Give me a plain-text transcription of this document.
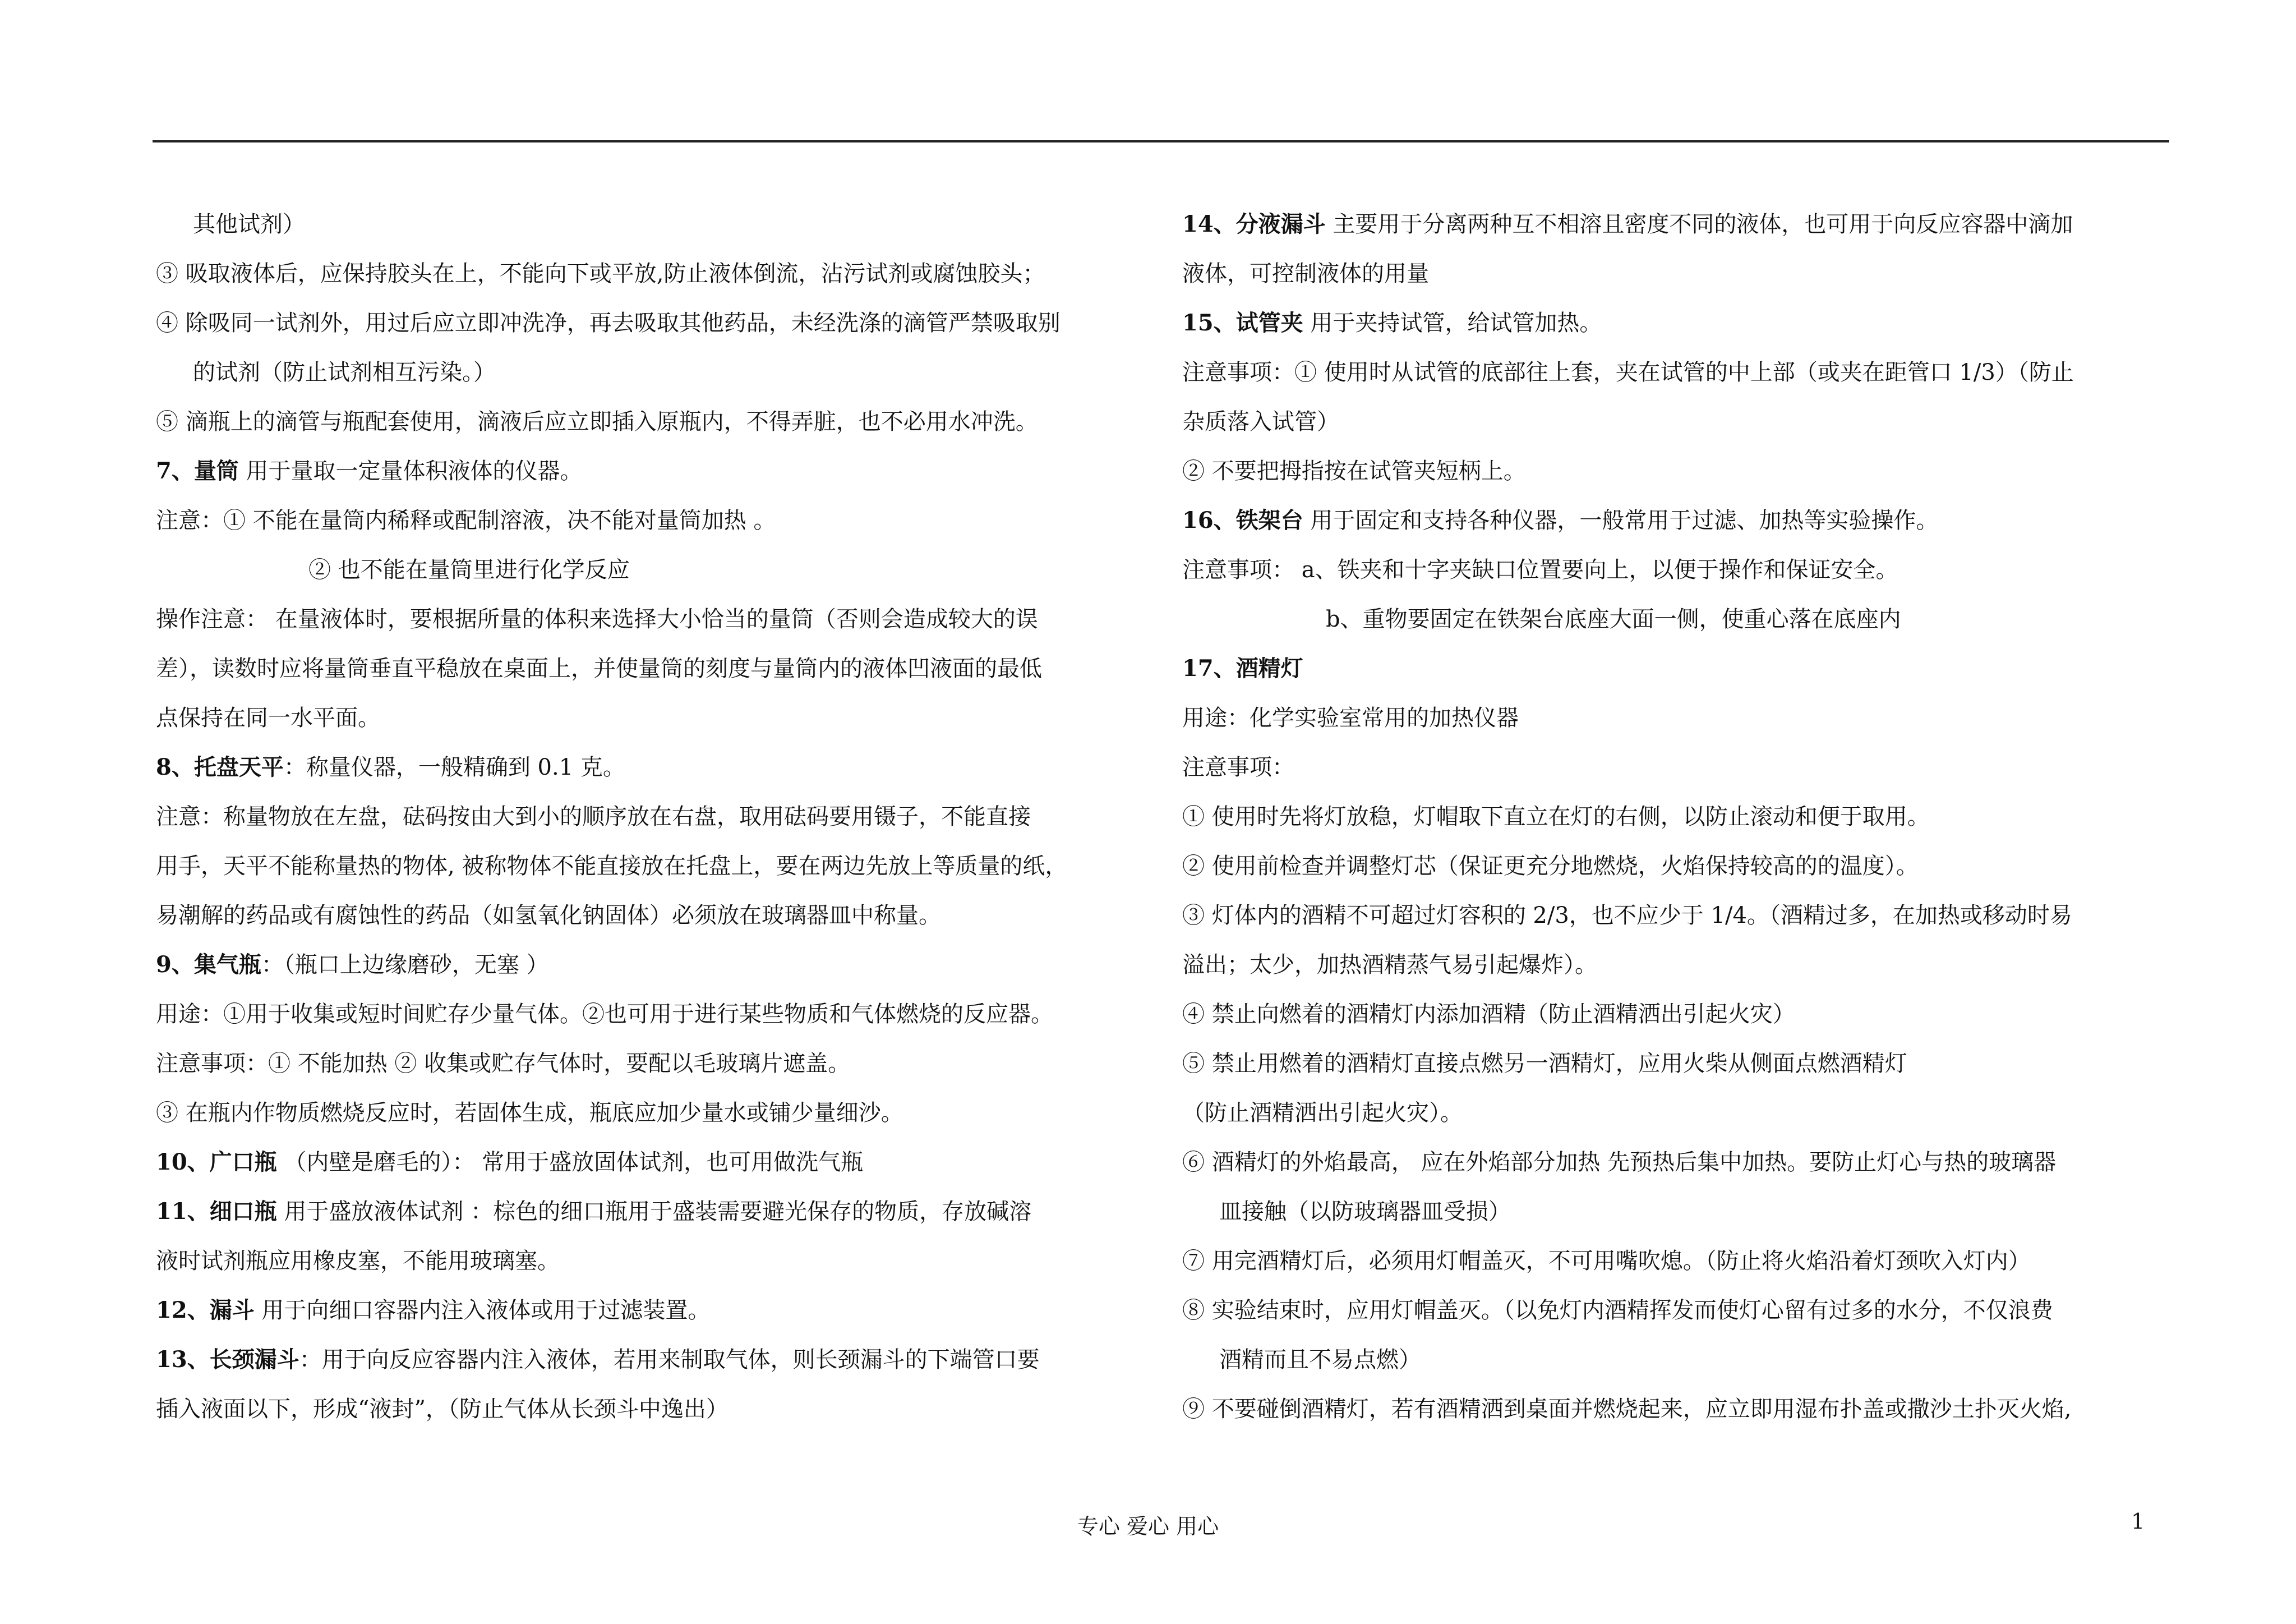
其他试剂）
③ 吸取液体后，应保持胶头在上，不能向下或平放,防止液体倒流，沾污试剂或腐蚀胶头；
④ 除吸同一试剂外，用过后应立即冲洗净，再去吸取其他药品，未经洗涤的滴管严禁吸取别
的试剂（防止试剂相互污染。）
⑤ 滴瓶上的滴管与瓶配套使用，滴液后应立即插入原瓶内，不得弄脏，也不必用水冲洗。
7、量筒 用于量取一定量体积液体的仪器。
注意：① 不能在量筒内稀释或配制溶液，决不能对量筒加热 。
② 也不能在量筒里进行化学反应
操作注意： 在量液体时，要根据所量的体积来选择大小恰当的量筒（否则会造成较大的误
差），读数时应将量筒垂直平稳放在桌面上，并使量筒的刻度与量筒内的液体凹液面的最低
点保持在同一水平面。
8、托盘天平：称量仪器，一般精确到 0.1 克。
注意：称量物放在左盘，砝码按由大到小的顺序放在右盘，取用砝码要用镊子，不能直接
用手，天平不能称量热的物体, 被称物体不能直接放在托盘上，要在两边先放上等质量的纸，
易潮解的药品或有腐蚀性的药品（如氢氧化钠固体）必须放在玻璃器皿中称量。
9、集气瓶：（瓶口上边缘磨砂，无塞 ）
用途：①用于收集或短时间贮存少量气体。②也可用于进行某些物质和气体燃烧的反应器。
注意事项：① 不能加热 ② 收集或贮存气体时，要配以毛玻璃片遮盖。
③ 在瓶内作物质燃烧反应时，若固体生成，瓶底应加少量水或铺少量细沙。
10、广口瓶 （内壁是磨毛的）： 常用于盛放固体试剂，也可用做洗气瓶
11、细口瓶 用于盛放液体试剂 ：棕色的细口瓶用于盛装需要避光保存的物质，存放碱溶
液时试剂瓶应用橡皮塞，不能用玻璃塞。
12、漏斗 用于向细口容器内注入液体或用于过滤装置。
13、长颈漏斗：用于向反应容器内注入液体，若用来制取气体，则长颈漏斗的下端管口要
插入液面以下，形成“液封”，（防止气体从长颈斗中逸出）
14、分液漏斗 主要用于分离两种互不相溶且密度不同的液体，也可用于向反应容器中滴加
液体，可控制液体的用量
15、试管夹 用于夹持试管，给试管加热。
注意事项：① 使用时从试管的底部往上套，夹在试管的中上部（或夹在距管口 1/3）（防止
杂质落入试管）
② 不要把拇指按在试管夹短柄上。
16、铁架台 用于固定和支持各种仪器，一般常用于过滤、加热等实验操作。
注意事项： a、铁夹和十字夹缺口位置要向上，以便于操作和保证安全。
b、重物要固定在铁架台底座大面一侧，使重心落在底座内
17、酒精灯
用途：化学实验室常用的加热仪器
注意事项：
① 使用时先将灯放稳，灯帽取下直立在灯的右侧，以防止滚动和便于取用。
② 使用前检查并调整灯芯（保证更充分地燃烧，火焰保持较高的的温度）。
③ 灯体内的酒精不可超过灯容积的 2/3，也不应少于 1/4。（酒精过多，在加热或移动时易
溢出；太少，加热酒精蒸气易引起爆炸）。
④ 禁止向燃着的酒精灯内添加酒精（防止酒精洒出引起火灾）
⑤ 禁止用燃着的酒精灯直接点燃另一酒精灯，应用火柴从侧面点燃酒精灯
（防止酒精洒出引起火灾）。
⑥ 酒精灯的外焰最高， 应在外焰部分加热 先预热后集中加热。要防止灯心与热的玻璃器
皿接触（以防玻璃器皿受损）
⑦ 用完酒精灯后，必须用灯帽盖灭，不可用嘴吹熄。（防止将火焰沿着灯颈吹入灯内）
⑧ 实验结束时，应用灯帽盖灭。（以免灯内酒精挥发而使灯心留有过多的水分，不仅浪费
酒精而且不易点燃）
⑨ 不要碰倒酒精灯，若有酒精洒到桌面并燃烧起来，应立即用湿布扑盖或撒沙土扑灭火焰,
专心 爱心 用心	1
